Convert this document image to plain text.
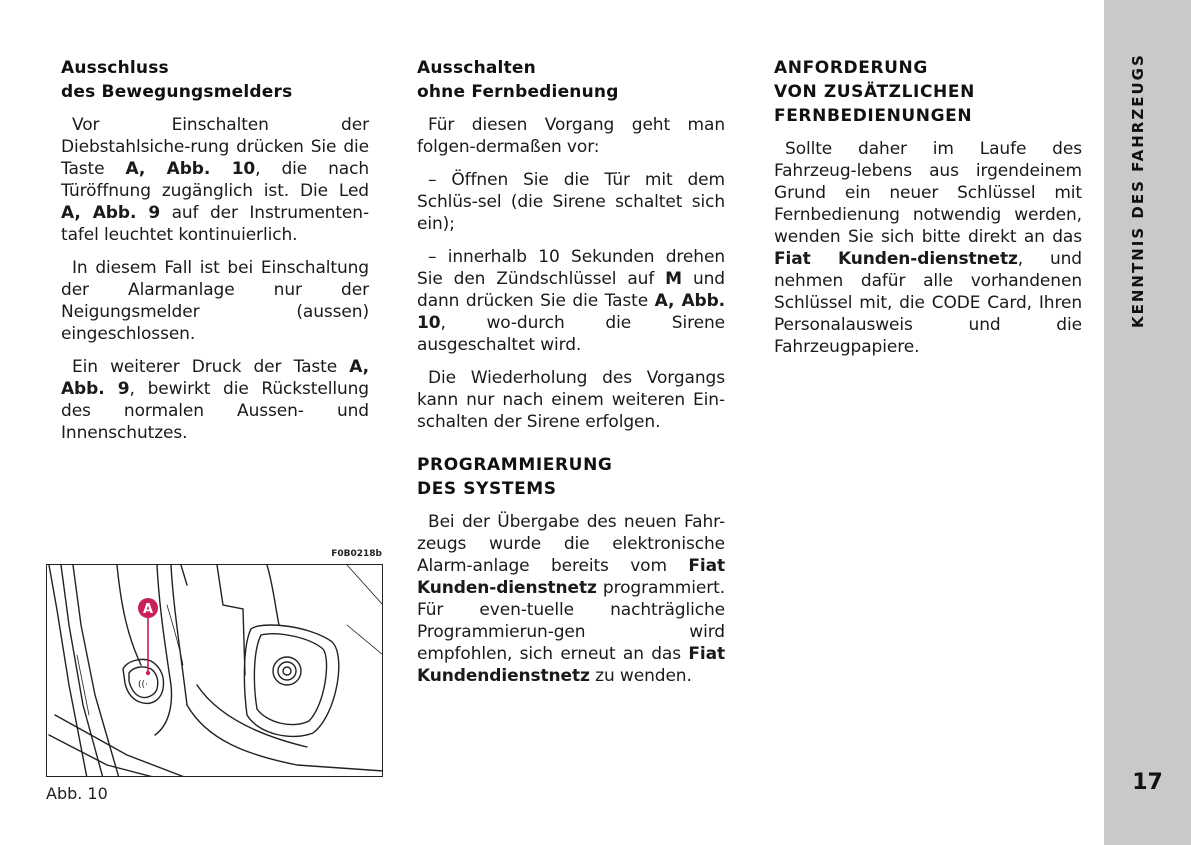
Ausschluss
des Bewegungsmelders

Vor Einschalten der Diebstahlsiche-rung drücken Sie die Taste A, Abb. 10, die nach Türöffnung zugänglich ist. Die Led A, Abb. 9 auf der Instrumenten-tafel leuchtet kontinuierlich.

In diesem Fall ist bei Einschaltung der Alarmanlage nur der Neigungsmelder (aussen) eingeschlossen.

Ein weiterer Druck der Taste A, Abb. 9, bewirkt die Rückstellung des normalen Aussen- und Innenschutzes.

Ausschalten
ohne Fernbedienung

Für diesen Vorgang geht man folgen-dermaßen vor:

– Öffnen Sie die Tür mit dem Schlüs-sel (die Sirene schaltet sich ein);

– innerhalb 10 Sekunden drehen Sie den Zündschlüssel auf M und dann drücken Sie die Taste A, Abb. 10, wo-durch die Sirene ausgeschaltet wird.

Die Wiederholung des Vorgangs kann nur nach einem weiteren Ein-schalten der Sirene erfolgen.

PROGRAMMIERUNG
DES SYSTEMS

Bei der Übergabe des neuen Fahr-zeugs wurde die elektronische Alarm-anlage bereits vom Fiat Kunden-dienstnetz programmiert. Für even-tuelle nachträgliche Programmierun-gen wird empfohlen, sich erneut an das Fiat Kundendienstnetz zu wenden.

ANFORDERUNG
VON ZUSÄTZLICHEN
FERNBEDIENUNGEN

Sollte daher im Laufe des Fahrzeug-lebens aus irgendeinem Grund ein neuer Schlüssel mit Fernbedienung notwendig werden, wenden Sie sich bitte direkt an das Fiat Kunden-dienstnetz, und nehmen dafür alle vorhandenen Schlüssel mit, die CODE Card, Ihren Personalausweis und die Fahrzeugpapiere.

F0B0218b
((·
A
Abb. 10
KENNTNIS DES FAHRZEUGS
17
